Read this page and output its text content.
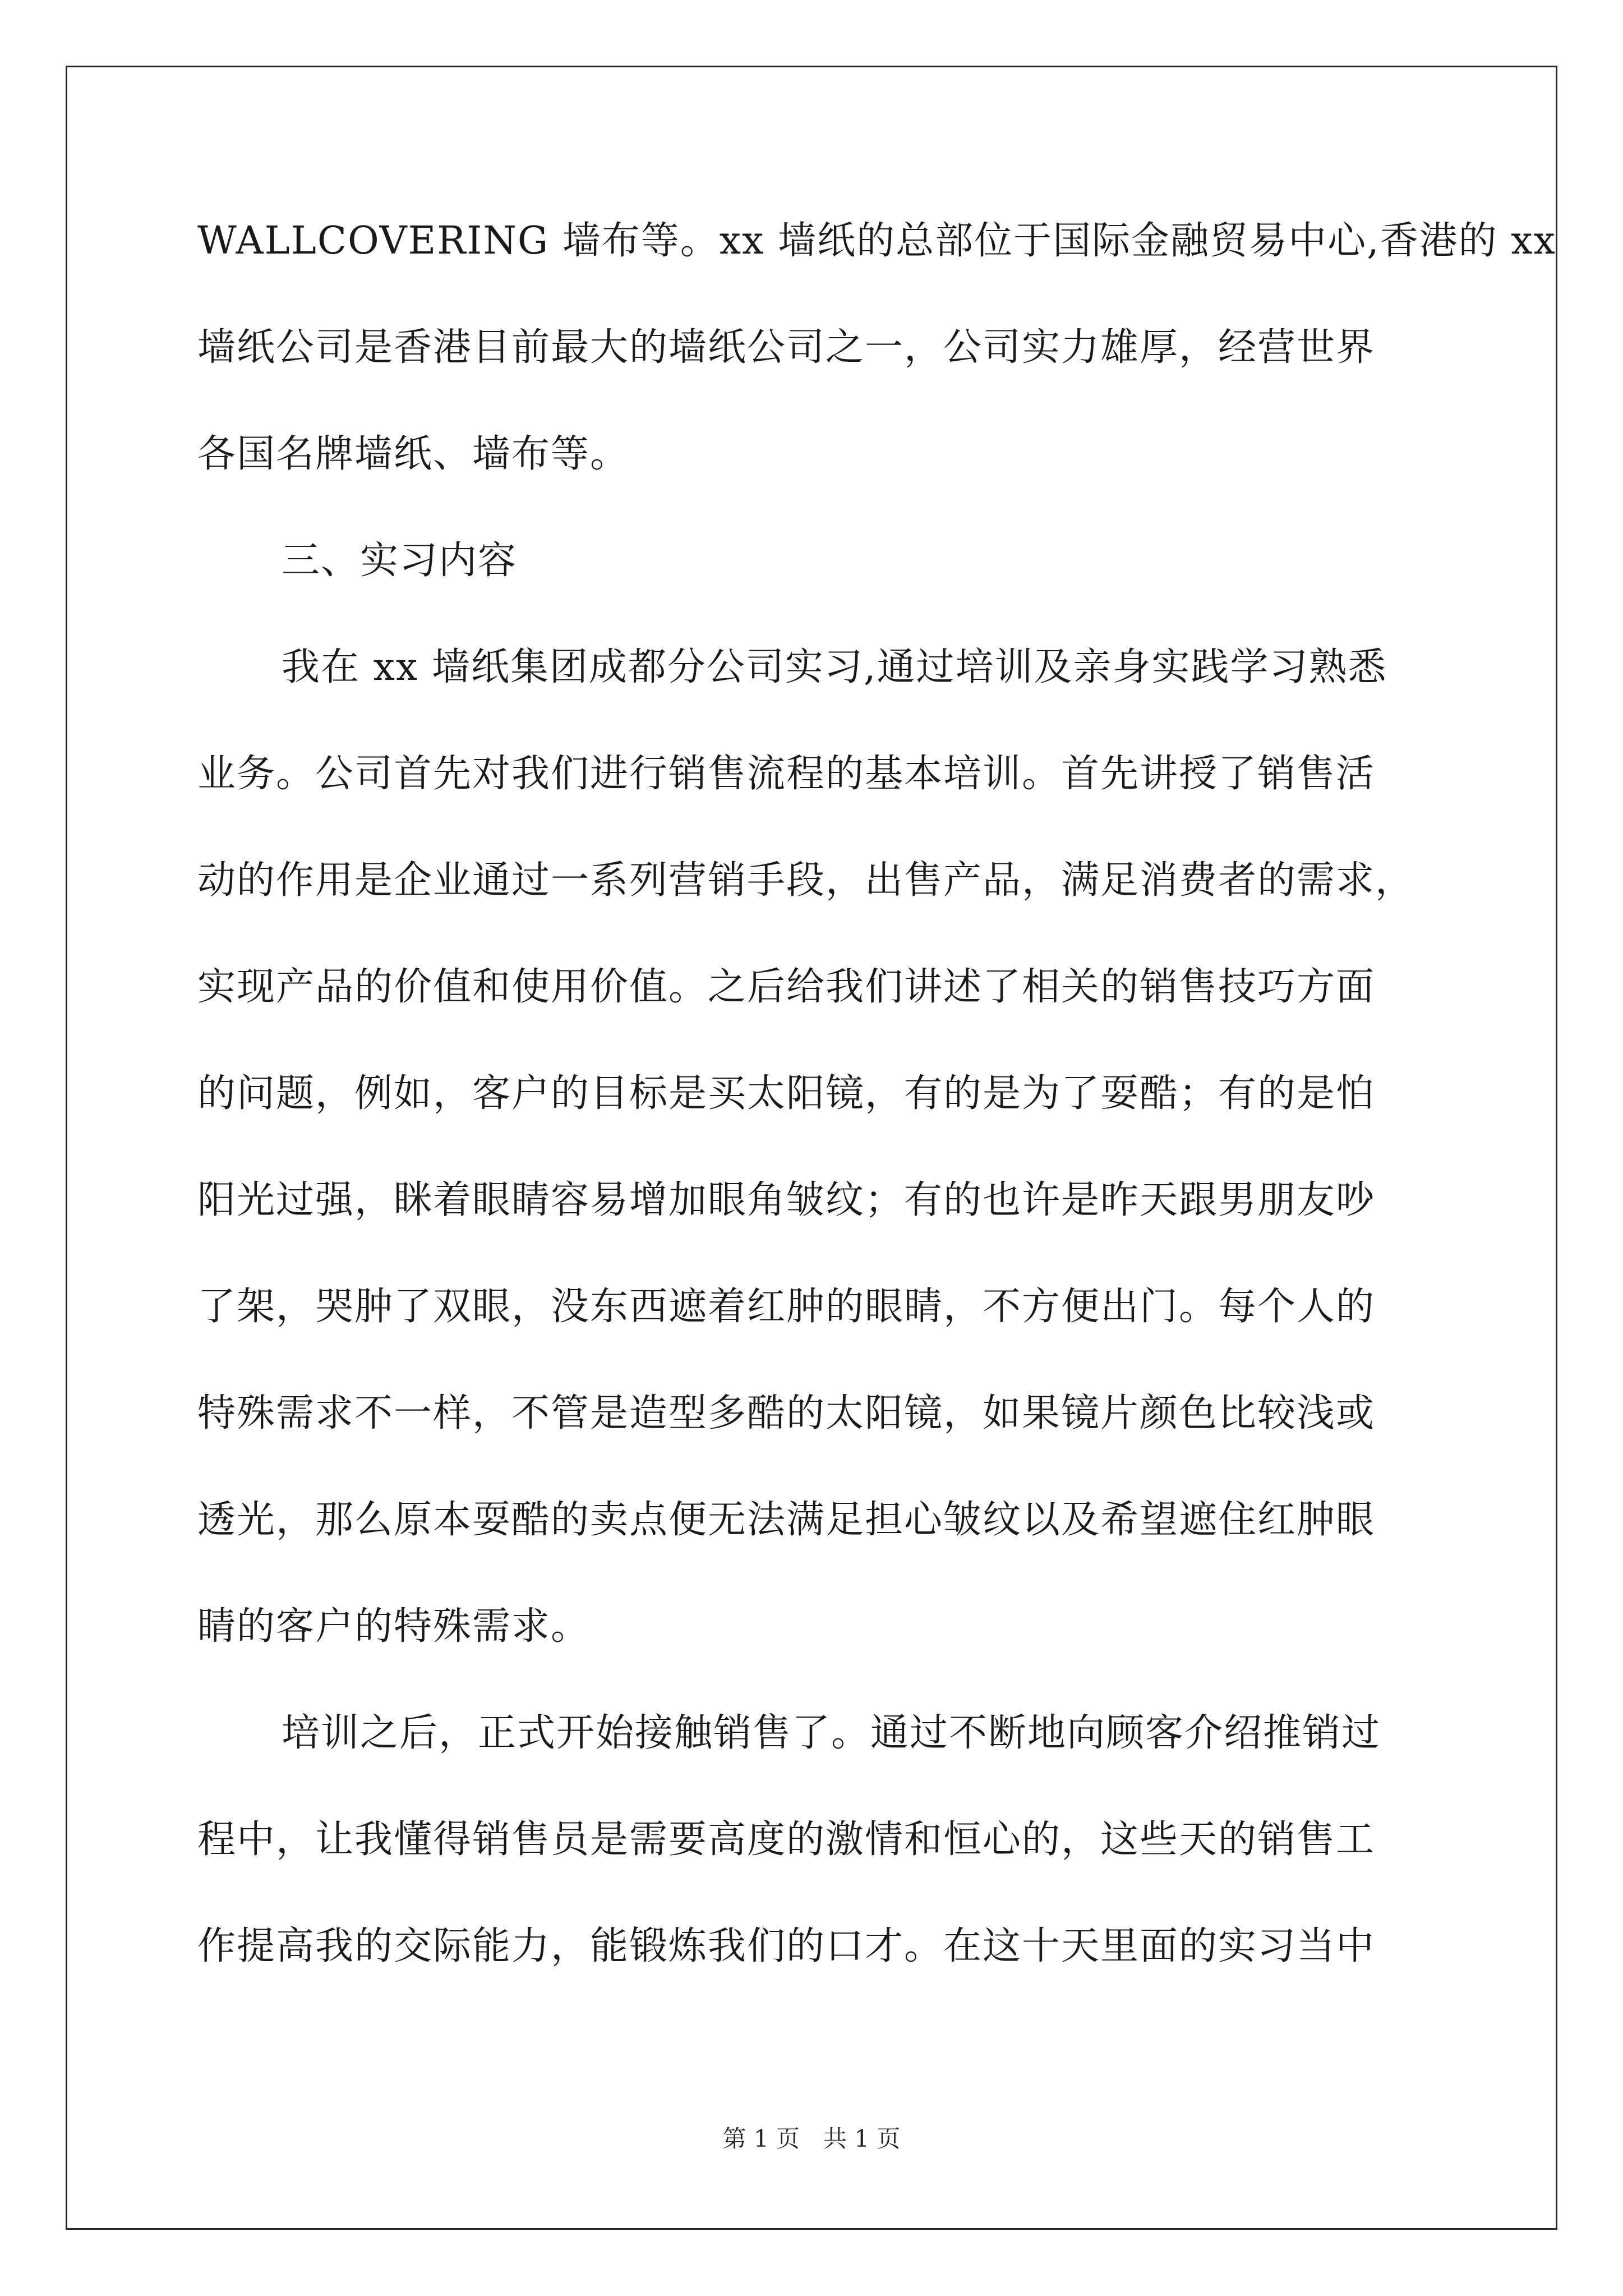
WALLCOVERING 墙布等。xx 墙纸的总部位于国际金融贸易中心,香港的 xx
墙纸公司是香港目前最大的墙纸公司之一，公司实力雄厚，经营世界
各国名牌墙纸、墙布等。
三、实习内容
我在 xx 墙纸集团成都分公司实习,通过培训及亲身实践学习熟悉
业务。公司首先对我们进行销售流程的基本培训。首先讲授了销售活
动的作用是企业通过一系列营销手段，出售产品，满足消费者的需求，
实现产品的价值和使用价值。之后给我们讲述了相关的销售技巧方面
的问题，例如，客户的目标是买太阳镜，有的是为了耍酷；有的是怕
阳光过强，眯着眼睛容易增加眼角皱纹；有的也许是昨天跟男朋友吵
了架，哭肿了双眼，没东西遮着红肿的眼睛，不方便出门。每个人的
特殊需求不一样，不管是造型多酷的太阳镜，如果镜片颜色比较浅或
透光，那么原本耍酷的卖点便无法满足担心皱纹以及希望遮住红肿眼
睛的客户的特殊需求。
培训之后，正式开始接触销售了。通过不断地向顾客介绍推销过
程中，让我懂得销售员是需要高度的激情和恒心的，这些天的销售工
作提高我的交际能力，能锻炼我们的口才。在这十天里面的实习当中
第 1 页　共 1 页
